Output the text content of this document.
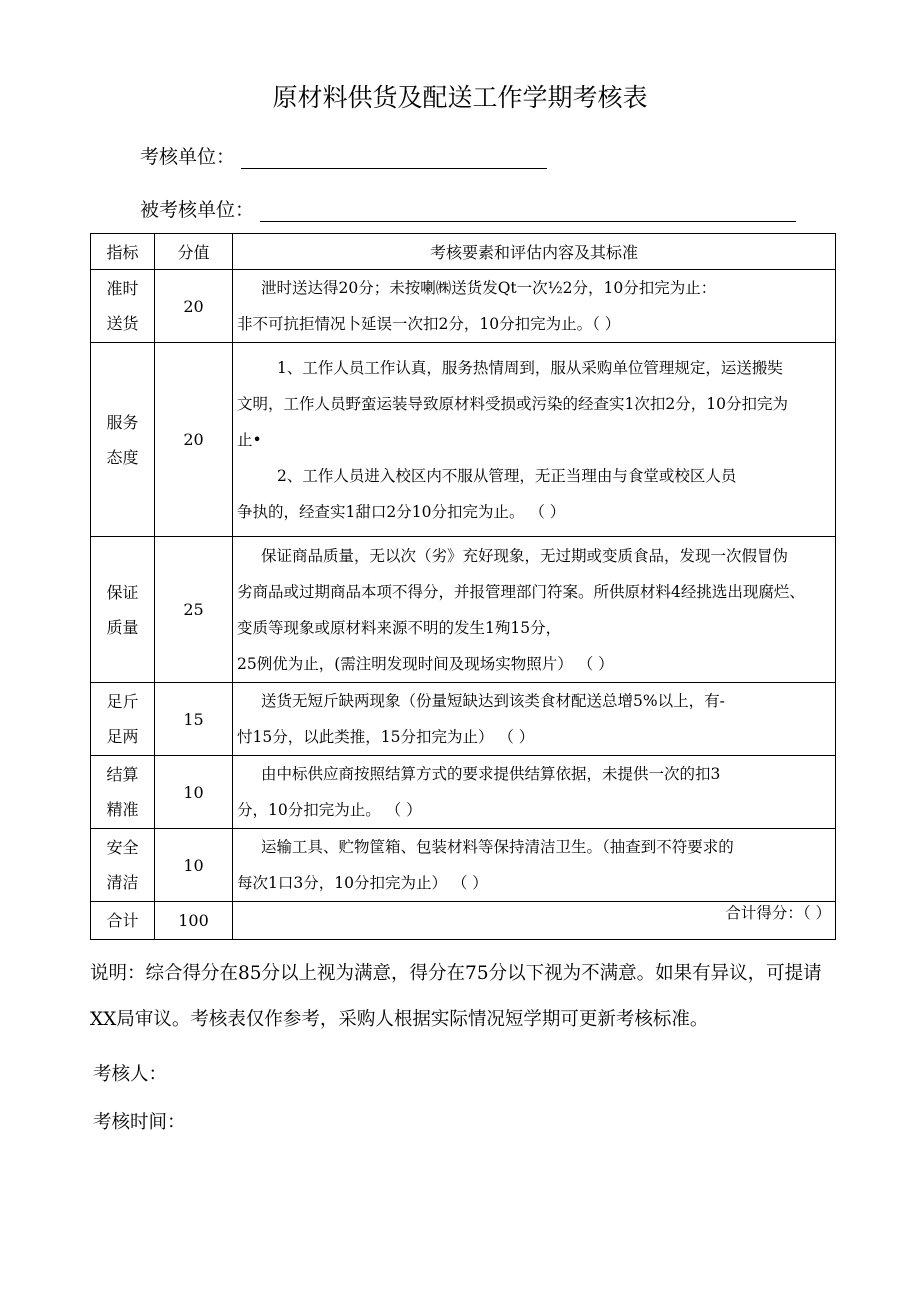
原材料供货及配送工作学期考核表
考核单位：
被考核单位：
指标	分值	考核要素和评估内容及其标准

准时
送货	20	泄时送达得20分；未按喇㈱送货发Qt一次½2分，10分扣完为止：
非不可抗拒情况卜延误一次扣2分，10分扣完为止。（ ）

服务
态度	20	1、工作人员工作认真，服务热情周到，服从采购单位管理规定，运送搬奘
文明，工作人员野蛮运装导致原材料受损或污染的经查实1次扣2分，10分扣完为
止•
2、工作人员进入校区内不服从管理，无正当理由与食堂或校区人员
争执的，经查实1甜口2分10分扣完为止。 （ ）

保证
质量	25	保证商品质量，无以次（劣》充好现象，无过期或变质食品，发现一次假冒伪
劣商品或过期商品本项不得分，并报管理部门符案。所供原材料4经挑选出现腐烂、
变质等现象或原材料来源不明的发生1殉15分，
25例优为止，(需注明发现时间及现场实物照片） （ ）

足斤
足两	15	送货无短斤缺两现象（份量短缺达到该类食材配送总增5%以上，有-
忖15分，以此类推，15分扣完为止） （ ）

结算
精准	10	由中标供应商按照结算方式的要求提供结算依据，未提供一次的扣3
分，10分扣完为止。 （ ）

安全
清洁	10	运输工具、贮物筐箱、包装材料等保持清洁卫生。（抽查到不符要求的
每次1口3分，10分扣完为止） （ ）

合计	100	合计得分：（ ）
说明：综合得分在85分以上视为满意，得分在75分以下视为不满意。如果有异议，可提请XX局审议。考核表仅作参考，采购人根据实际情况短学期可更新考核标准。
考核人：
考核时间：
